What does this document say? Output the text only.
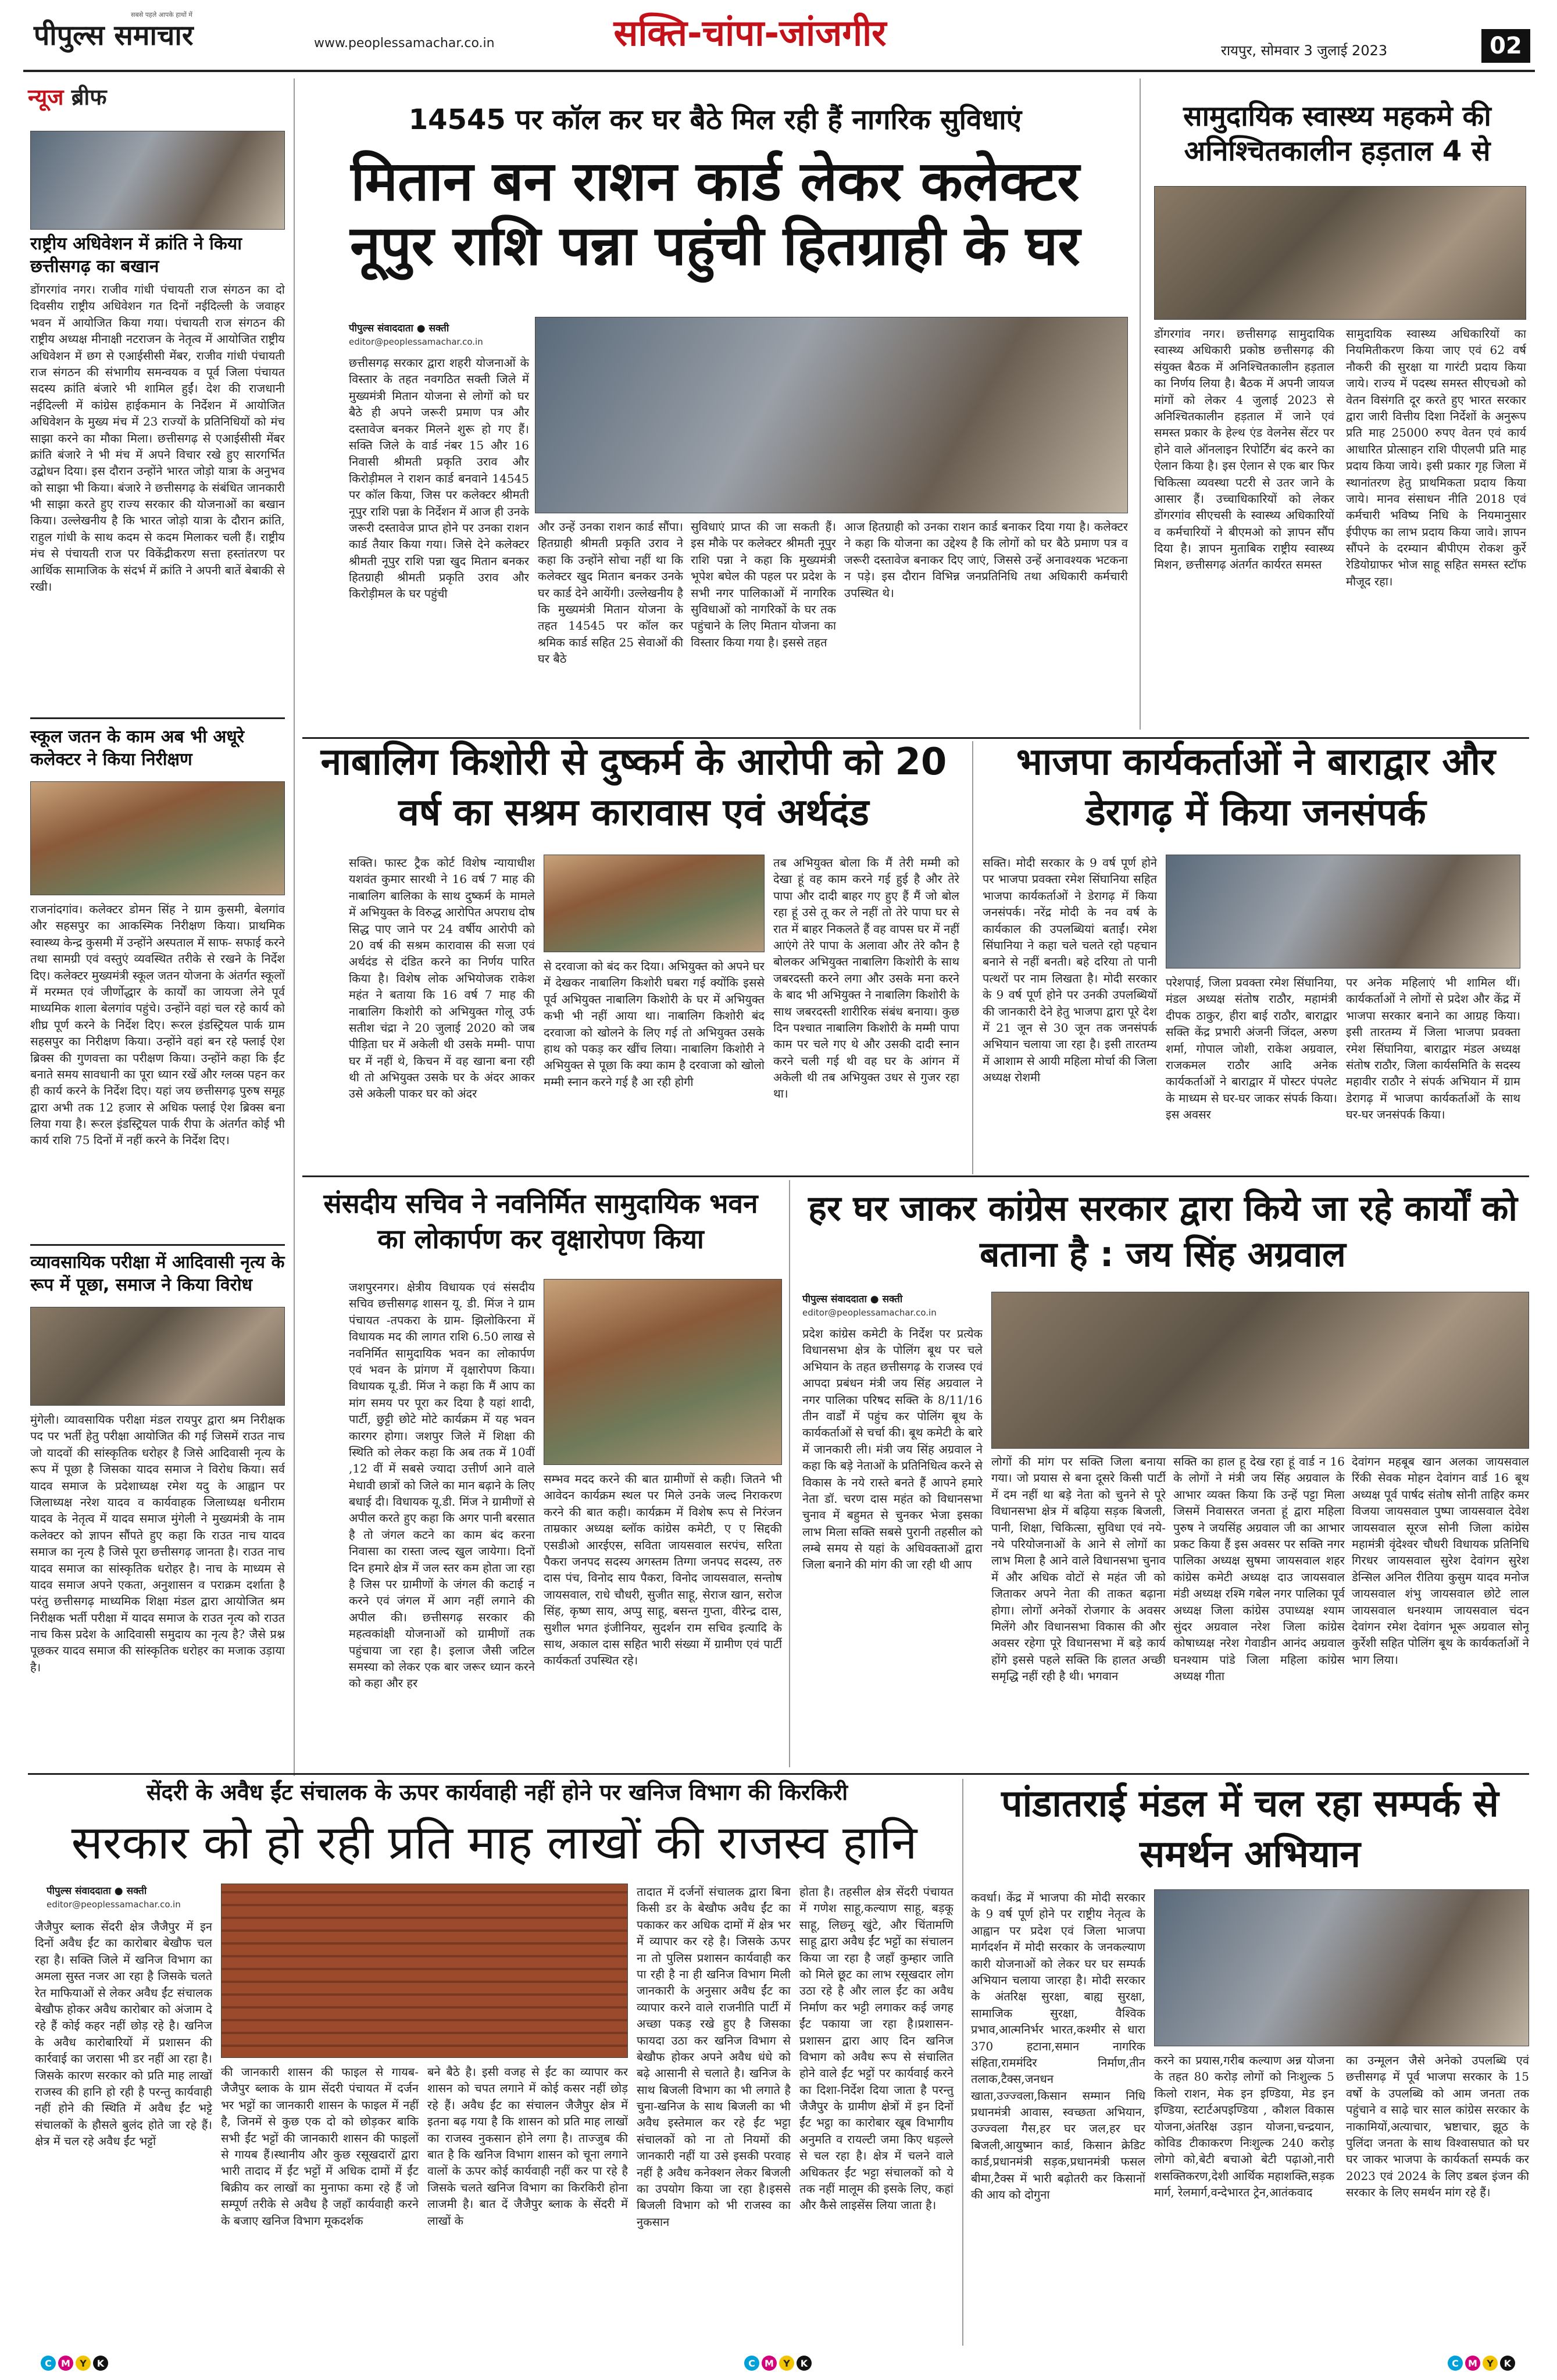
सबसे पहले आपके हाथों में
पीपुल्स समाचार	www.peoplessamachar.co.in	सक्ति-चांपा-जांजगीर	रायपुर, सोमवार 3 जुलाई 2023	02
न्यूज ब्रीफ
राष्ट्रीय अधिवेशन में क्रांति ने किया छत्तीसगढ़ का बखान
डोंगरगांव नगर। राजीव गांधी पंचायती राज संगठन का दो दिवसीय राष्ट्रीय अधिवेशन गत दिनों नईदिल्ली के जवाहर भवन में आयोजित किया गया। पंचायती राज संगठन की राष्ट्रीय अध्यक्ष मीनाक्षी नटराजन के नेतृत्व में आयोजित राष्ट्रीय अधिवेशन में छग से एआईसीसी मेंबर, राजीव गांधी पंचायती राज संगठन की संभागीय समन्वयक व पूर्व जिला पंचायत सदस्य क्रांति बंजारे भी शामिल हुईं। देश की राजधानी नईदिल्ली में कांग्रेस हाईकमान के निर्देशन में आयोजित अधिवेशन के मुख्य मंच में 23 राज्यों के प्रतिनिधियों को मंच साझा करने का मौका मिला। छत्तीसगढ़ से एआईसीसी मेंबर क्रांति बंजारे ने भी मंच में अपने विचार रखे हुए सारगर्भित उद्बोधन दिया। इस दौरान उन्होंने भारत जोड़ो यात्रा के अनुभव को साझा भी किया। बंजारे ने छत्तीसगढ़ के संबंधित जानकारी भी साझा करते हुए राज्य सरकार की योजनाओं का बखान किया। उल्लेखनीय है कि भारत जोड़ो यात्रा के दौरान क्रांति, राहुल गांधी के साथ कदम से कदम मिलाकर चली हैं। राष्ट्रीय मंच से पंचायती राज पर विकेंद्रीकरण सत्ता हस्तांतरण पर आर्थिक सामाजिक के संदर्भ में क्रांति ने अपनी बातें बेबाकी से रखी।
स्कूल जतन के काम अब भी अधूरे कलेक्टर ने किया निरीक्षण
राजनांदगांव। कलेक्टर डोमन सिंह ने ग्राम कुसमी, बेलगांव और सहसपुर का आकस्मिक निरीक्षण किया। प्राथमिक स्वास्थ्य केन्द्र कुसमी में उन्होंने अस्पताल में साफ- सफाई करने तथा सामग्री एवं वस्तुएं व्यवस्थित तरीके से रखने के निर्देश दिए। कलेक्टर मुख्यमंत्री स्कूल जतन योजना के अंतर्गत स्कूलों में मरम्मत एवं जीर्णोद्धार के कार्यों का जायजा लेने पूर्व माध्यमिक शाला बेलगांव पहुंचे। उन्होंने वहां चल रहे कार्य को शीघ्र पूर्ण करने के निर्देश दिए। रूरल इंडस्ट्रियल पार्क ग्राम सहसपुर का निरीक्षण किया। उन्होंने वहां बन रहे फ्लाई ऐश ब्रिक्स की गुणवत्ता का परीक्षण किया। उन्होंने कहा कि ईंट बनाते समय सावधानी का पूरा ध्यान रखें और ग्लव्स पहन कर ही कार्य करने के निर्देश दिए। यहां जय छत्तीसगढ़ पुरुष समूह द्वारा अभी तक 12 हजार से अधिक फ्लाई ऐश ब्रिक्स बना लिया गया है। रूरल इंडस्ट्रियल पार्क रीपा के अंतर्गत कोई भी कार्य राशि 75 दिनों में नहीं करने के निर्देश दिए।
व्यावसायिक परीक्षा में आदिवासी नृत्य के रूप में पूछा, समाज ने किया विरोध
मुंगेली। व्यावसायिक परीक्षा मंडल रायपुर द्वारा श्रम निरीक्षक पद पर भर्ती हेतु परीक्षा आयोजित की गई जिसमें राउत नाच जो यादवों की सांस्कृतिक धरोहर है जिसे आदिवासी नृत्य के रूप में पूछा है जिसका यादव समाज ने विरोध किया। सर्व यादव समाज के प्रदेशाध्यक्ष रमेश यदु के आह्वान पर जिलाध्यक्ष नरेश यादव व कार्यवाहक जिलाध्यक्ष धनीराम यादव के नेतृत्व में यादव समाज मुंगेली ने मुख्यमंत्री के नाम कलेक्टर को ज्ञापन सौंपते हुए कहा कि राउत नाच यादव समाज का नृत्य है जिसे पूरा छत्तीसगढ़ जानता है। राउत नाच यादव समाज का सांस्कृतिक धरोहर है। नाच के माध्यम से यादव समाज अपने एकता, अनुशासन व पराक्रम दर्शाता है परंतु छत्तीसगढ़ माध्यमिक शिक्षा मंडल द्वारा आयोजित श्रम निरीक्षक भर्ती परीक्षा में यादव समाज के राउत नृत्य को राउत नाच किस प्रदेश के आदिवासी समुदाय का नृत्य है? जैसे प्रश्न पूछकर यादव समाज की सांस्कृतिक धरोहर का मजाक उड़ाया है।
14545 पर कॉल कर घर बैठे मिल रही हैं नागरिक सुविधाएं
मितान बन राशन कार्ड लेकर कलेक्टर नूपुर राशि पन्ना पहुंची हितग्राही के घर
पीपुल्स संवाददाता ● सक्ती
editor@peoplessamachar.co.in
छत्तीसगढ़ सरकार द्वारा शहरी योजनाओं के विस्तार के तहत नवगठित सक्ती जिले में मुख्यमंत्री मितान योजना से लोगों को घर बैठे ही अपने जरूरी प्रमाण पत्र और दस्तावेज बनकर मिलने शुरू हो गए हैं। सक्ति जिले के वार्ड नंबर 15 और 16 निवासी श्रीमती प्रकृति उराव और किरोड़ीमल ने राशन कार्ड बनवाने 14545 पर कॉल किया, जिस पर कलेक्टर श्रीमती नूपुर राशि पन्ना के निर्देशन में आज ही उनके जरूरी दस्तावेज प्राप्त होने पर उनका राशन कार्ड तैयार किया गया। जिसे देने कलेक्टर श्रीमती नूपुर राशि पन्ना खुद मितान बनकर हितग्राही श्रीमती प्रकृति उराव और किरोड़ीमल के घर पहुंची
और उन्हें उनका राशन कार्ड सौंपा। हितग्राही श्रीमती प्रकृति उराव ने कहा कि उन्होंने सोचा नहीं था कि कलेक्टर खुद मितान बनकर उनके घर कार्ड देने आयेंगी। उल्लेखनीय है कि मुख्यमंत्री मितान योजना के तहत 14545 पर कॉल कर श्रमिक कार्ड सहित 25 सेवाओं की घर बैठे
सुविधाएं प्राप्त की जा सकती हैं। इस मौके पर कलेक्टर श्रीमती नूपुर राशि पन्ना ने कहा कि मुख्यमंत्री भूपेश बघेल की पहल पर प्रदेश के सभी नगर पालिकाओं में नागरिक सुविधाओं को नागरिकों के घर तक पहुंचाने के लिए मितान योजना का विस्तार किया गया है। इससे तहत
आज हितग्राही को उनका राशन कार्ड बनाकर दिया गया है। कलेक्टर ने कहा कि योजना का उद्देश्य है कि लोगों को घर बैठे प्रमाण पत्र व जरूरी दस्तावेज बनाकर दिए जाएं, जिससे उन्हें अनावश्यक भटकना न पड़े। इस दौरान विभिन्न जनप्रतिनिधि तथा अधिकारी कर्मचारी उपस्थित थे।
सामुदायिक स्वास्थ्य महकमे की अनिश्चितकालीन हड़ताल 4 से
डोंगरगांव नगर। छत्तीसगढ़ सामुदायिक स्वास्थ्य अधिकारी प्रकोष्ठ छत्तीसगढ़ की संयुक्त बैठक में अनिश्चितकालीन हड़ताल का निर्णय लिया है। बैठक में अपनी जायज मांगों को लेकर 4 जुलाई 2023 से अनिश्चितकालीन हड़ताल में जाने एवं समस्त प्रकार के हेल्थ एंड वेलनेस सेंटर पर होने वाले ऑनलाइन रिपोर्टिंग बंद करने का ऐलान किया है। इस ऐलान से एक बार फिर चिकित्सा व्यवस्था पटरी से उतर जाने के आसार हैं। उच्चाधिकारियों को लेकर डोंगरगांव सीएचसी के स्वास्थ्य अधिकारियों व कर्मचारियों ने बीएमओ को ज्ञापन सौंप दिया है। ज्ञापन मुताबिक राष्ट्रीय स्वास्थ्य मिशन, छत्तीसगढ़ अंतर्गत कार्यरत समस्त
सामुदायिक स्वास्थ्य अधिकारियों का नियमितीकरण किया जाए एवं 62 वर्ष नौकरी की सुरक्षा या गारंटी प्रदाय किया जाये। राज्य में पदस्थ समस्त सीएचओ को वेतन विसंगति दूर करते हुए भारत सरकार द्वारा जारी वित्तीय दिशा निर्देशों के अनुरूप प्रति माह 25000 रुपए वेतन एवं कार्य आधारित प्रोत्साहन राशि पीएलपी प्रति माह प्रदाय किया जाये। इसी प्रकार गृह जिला में स्थानांतरण हेतु प्राथमिकता प्रदाय किया जाये। मानव संसाधन नीति 2018 एवं कर्मचारी भविष्य निधि के नियमानुसार ईपीएफ का लाभ प्रदाय किया जावे। ज्ञापन सौंपने के दरम्यान बीपीएम रोकश कुर्रे रेडियोग्राफर भोज साहू सहित समस्त स्टॉफ मौजूद रहा।
नाबालिग किशोरी से दुष्कर्म के आरोपी को 20 वर्ष का सश्रम कारावास एवं अर्थदंड
सक्ति। फास्ट ट्रैक कोर्ट विशेष न्यायाधीश यशवंत कुमार सारथी ने 16 वर्ष 7 माह की नाबालिग बालिका के साथ दुष्कर्म के मामले में अभियुक्त के विरुद्ध आरोपित अपराध दोष सिद्ध पाए जाने पर 24 वर्षीय आरोपी को 20 वर्ष की सश्रम कारावास की सजा एवं अर्थदंड से दंडित करने का निर्णय पारित किया है। विशेष लोक अभियोजक राकेश महंत ने बताया कि 16 वर्ष 7 माह की नाबालिग किशोरी को अभियुक्त गोलू उर्फ सतीश चंद्रा ने 20 जुलाई 2020 को जब पीड़िता घर में अकेली थी उसके मम्मी- पापा घर में नहीं थे, किचन में वह खाना बना रही थी तो अभियुक्त उसके घर के अंदर आकर उसे अकेली पाकर घर को अंदर
से दरवाजा को बंद कर दिया। अभियुक्त को अपने घर में देखकर नाबालिग किशोरी घबरा गई क्योंकि इससे पूर्व अभियुक्त नाबालिग किशोरी के घर में अभियुक्त कभी भी नहीं आया था। नाबालिग किशोरी बंद दरवाजा को खोलने के लिए गई तो अभियुक्त उसके हाथ को पकड़ कर खींच लिया। नाबालिग किशोरी ने अभियुक्त से पूछा कि क्या काम है दरवाजा को खोलो मम्मी स्नान करने गई है आ रही होगी
तब अभियुक्त बोला कि मैं तेरी मम्मी को देखा हूं वह काम करने गई हुई है और तेरे पापा और दादी बाहर गए हुए हैं मैं जो बोल रहा हूं उसे तू कर ले नहीं तो तेरे पापा घर से रात में बाहर निकलते हैं वह वापस घर में नहीं आएंगे तेरे पापा के अलावा और तेरे कौन है बोलकर अभियुक्त नाबालिग किशोरी के साथ जबरदस्ती करने लगा और उसके मना करने के बाद भी अभियुक्त ने नाबालिग किशोरी के साथ जबरदस्ती शारीरिक संबंध बनाया। कुछ दिन पश्चात नाबालिग किशोरी के मम्मी पापा काम पर चले गए थे और उसकी दादी स्नान करने चली गई थी वह घर के आंगन में अकेली थी तब अभियुक्त उधर से गुजर रहा था।
भाजपा कार्यकर्ताओं ने बाराद्वार और डेरागढ़ में किया जनसंपर्क
सक्ति। मोदी सरकार के 9 वर्ष पूर्ण होने पर भाजपा प्रवक्ता रमेश सिंघानिया सहित भाजपा कार्यकर्ताओं ने डेरागढ़ में किया जनसंपर्क। नरेंद्र मोदी के नव वर्ष के कार्यकाल की उपलब्धियां बताईं। रमेश सिंघानिया ने कहा चले चलते रहो पहचान बनाने से नहीं बनती। बहे दरिया तो पानी पत्थरों पर नाम लिखता है। मोदी सरकार के 9 वर्ष पूर्ण होने पर उनकी उपलब्धियों की जानकारी देने हेतु भाजपा द्वारा पूरे देश में 21 जून से 30 जून तक जनसंपर्क अभियान चलाया जा रहा है। इसी तारतम्य में आशाम से आयी महिला मोर्चा की जिला अध्यक्ष रोशमी
परेशपाई, जिला प्रवक्ता रमेश सिंघानिया, मंडल अध्यक्ष संतोष राठौर, महामंत्री दीपक ठाकुर, हीरा बाई राठौर, बाराद्वार सक्ति केंद्र प्रभारी अंजनी जिंदल, अरुण शर्मा, गोपाल जोशी, राकेश अग्रवाल, राजकमल राठौर आदि अनेक कार्यकर्ताओं ने बाराद्वार में पोस्टर पंपलेट के माध्यम से घर-घर जाकर संपर्क किया। इस अवसर
पर अनेक महिलाएं भी शामिल थीं। कार्यकर्ताओं ने लोगों से प्रदेश और केंद्र में भाजपा सरकार बनाने का आग्रह किया। इसी तारतम्य में जिला भाजपा प्रवक्ता रमेश सिंघानिया, बाराद्वार मंडल अध्यक्ष संतोष राठौर, जिला कार्यसमिति के सदस्य महावीर राठौर ने संपर्क अभियान में ग्राम डेरागढ़ में भाजपा कार्यकर्ताओं के साथ घर-घर जनसंपर्क किया।
संसदीय सचिव ने नवनिर्मित सामुदायिक भवन का लोकार्पण कर वृक्षारोपण किया
जशपुरनगर। क्षेत्रीय विधायक एवं संसदीय सचिव छत्तीसगढ़ शासन यू. डी. मिंज ने ग्राम पंचायत -तपकरा के ग्राम- झिलोकिरना में विधायक मद की लागत राशि 6.50 लाख से नवनिर्मित सामुदायिक भवन का लोकार्पण एवं भवन के प्रांगण में वृक्षारोपण किया। विधायक यू.डी. मिंज ने कहा कि मैं आप का मांग समय पर पूरा कर दिया है यहां शादी, पार्टी, छुट्टी छोटे मोटे कार्यक्रम में यह भवन कारगर होगा। जशपुर जिले में शिक्षा की स्थिति को लेकर कहा कि अब तक में 10वीं ,12 वीं में सबसे ज्यादा उत्तीर्ण आने वाले मेधावी छात्रों को जिले का मान बढ़ाने के लिए बधाई दी। विधायक यू.डी. मिंज ने ग्रामीणों से अपील करते हुए कहा कि अगर पानी बरसात है तो जंगल कटने का काम बंद करना निवासा का रास्ता जल्द खुल जायेगा। दिनों दिन हमारे क्षेत्र में जल स्तर कम होता जा रहा है जिस पर ग्रामीणों के जंगल की कटाई न करने एवं जंगल में आग नहीं लगाने की अपील की। छत्तीसगढ़ सरकार की महत्वकांक्षी योजनाओं को ग्रामीणों तक पहुंचाया जा रहा है। इलाज जैसी जटिल समस्या को लेकर एक बार जरूर ध्यान करने को कहा और हर
सम्भव मदद करने की बात ग्रामीणों से कही। जितने भी आवेदन कार्यक्रम स्थल पर मिले उनके जल्द निराकरण करने की बात कही। कार्यक्रम में विशेष रूप से निरंजन ताम्रकार अध्यक्ष ब्लॉक कांग्रेस कमेटी, ए ए सिद्दकी एसडीओ आरईएस, सविता जायसवाल सरपंच, सरिता पैकरा जनपद सदस्य अगस्तम तिग्गा जनपद सदस्य, तरु दास पंच, विनोद साय पैकरा, विनोद जायसवाल, सन्तोष जायसवाल, राधे चौधरी, सुजीत साहू, सेराज खान, सरोज सिंह, कृष्ण साय, अप्पु साहू, बसन्त गुप्ता, वीरेन्द्र दास, सुशील भगत इंजीनियर, सुदर्शन राम सचिव इत्यादि के साथ, अकाल दास सहित भारी संख्या में ग्रामीण एवं पार्टी कार्यकर्ता उपस्थित रहे।
हर घर जाकर कांग्रेस सरकार द्वारा किये जा रहे कार्यों को बताना है : जय सिंह अग्रवाल
पीपुल्स संवाददाता ● सक्ती
editor@peoplessamachar.co.in
प्रदेश कांग्रेस कमेटी के निर्देश पर प्रत्येक विधानसभा क्षेत्र के पोलिंग बूथ पर चले अभियान के तहत छत्तीसगढ़ के राजस्व एवं आपदा प्रबंधन मंत्री जय सिंह अग्रवाल ने नगर पालिका परिषद सक्ति के 8/11/16 तीन वार्डों में पहुंच कर पोलिंग बूथ के कार्यकर्ताओं से चर्चा की। बूथ कमेटी के बारे में जानकारी ली। मंत्री जय सिंह अग्रवाल ने कहा कि बड़े नेताओं के प्रतिनिधित्व करने से विकास के नये रास्ते बनते हैं आपने हमारे नेता डॉ. चरण दास महंत को विधानसभा चुनाव में बहुमत से चुनकर भेजा इसका लाभ मिला सक्ति सबसे पुरानी तहसील को लम्बे समय से यहां के अधिवक्ताओं द्वारा जिला बनाने की मांग की जा रही थी आप
लोगों की मांग पर सक्ति जिला बनाया गया। जो प्रयास से बना दूसरे किसी पार्टी में दम नहीं था बड़े नेता को चुनने से पूरे विधानसभा क्षेत्र में बढ़िया सड़क बिजली, पानी, शिक्षा, चिकित्सा, सुविधा एवं नये- नये परियोजनाओं के आने से लोगों का लाभ मिला है आने वाले विधानसभा चुनाव में और अधिक वोटों से महंत जी को जिताकर अपने नेता की ताकत बढ़ाना होगा। लोगों अनेकों रोजगार के अवसर मिलेंगे और विधानसभा विकास की और अवसर रहेगा पूरे विधानसभा में बड़े कार्य होंगे इससे पहले सक्ति कि हालत अच्छी समृद्धि नहीं रही है थी। भगवान
सक्ति का हाल हू देख रहा हूं वार्ड न 16 के लोगों ने मंत्री जय सिंह अग्रवाल के आभार व्यक्त किया कि उन्हें पट्टा मिला जिसमें निवासरत जनता हूं द्वारा महिला पुरुष ने जयसिंह अग्रवाल जी का आभार प्रकट किया हैं इस अवसर पर सक्ति नगर पालिका अध्यक्ष सुषमा जायसवाल शहर कांग्रेस कमेटी अध्यक्ष दाउ जायसवाल मंडी अध्यक्ष रश्मि गबेल नगर पालिका पूर्व अध्यक्ष जिला कांग्रेस उपाध्यक्ष श्याम सुंदर अग्रवाल नरेश जिला कांग्रेस कोषाध्यक्ष नरेश गेवाडीन आनंद अग्रवाल घनश्याम पांडे जिला महिला कांग्रेस अध्यक्ष गीता
देवांगन महबूब खान अलका जायसवाल रिंकी सेवक मोहन देवांगन वार्ड 16 बूथ अध्यक्ष पूर्व पार्षद संतोष सोनी ताहिर कमर विजया जायसवाल पुष्पा जायसवाल देवेश जायसवाल सूरज सोनी जिला कांग्रेस महामंत्री वृंदेश्वर चौधरी विधायक प्रतिनिधि गिरधर जायसवाल सुरेश देवांगन सुरेश डेन्सिल अनिल रीतिया कुसुम यादव मनोज जायसवाल शंभु जायसवाल छोटे लाल जायसवाल धनश्याम जायसवाल चंदन देवांगन रमेश देवांगन भूरू अग्रवाल सोनू कुर्रेशी सहित पोलिंग बूथ के कार्यकर्ताओं ने भाग लिया।
सेंदरी के अवैध ईंट संचालक के ऊपर कार्यवाही नहीं होने पर खनिज विभाग की किरकिरी
सरकार को हो रही प्रति माह लाखों की राजस्व हानि
पीपुल्स संवाददाता ● सक्ती
editor@peoplessamachar.co.in
जैजैपुर ब्लाक सेंदरी क्षेत्र जैजैपुर में इन दिनों अवैध ईंट का कारोबार बेखौफ चल रहा है। सक्ति जिले में खनिज विभाग का अमला सुस्त नजर आ रहा है जिसके चलते रेत माफियाओं से लेकर अवैध ईंट संचालक बेखौफ होकर अवैध कारोबार को अंजाम दे रहे हैं कोई कहर नहीं छोड़ रहे है। खनिज के अवैध कारोबारियों में प्रशासन की कार्रवाई का जरासा भी डर नहीं आ रहा है। जिसके कारण सरकार को प्रति माह लाखों राजस्व की हानि हो रही है परन्तु कार्यवाही नहीं होने की स्थिति में अवैध ईंट भट्टे संचालकों के हौसले बुलंद होते जा रहे हैं। क्षेत्र में चल रहे अवैध ईंट भट्टों
की जानकारी शासन की फाइल से गायब-जैजैपुर ब्लाक के ग्राम सेंदरी पंचायत में दर्जन भर भट्टों का जानकारी शासन के फाइल में नहीं है, जिनमें से कुछ एक दो को छोड़कर बाकि सभी ईंट भट्टों की जानकारी शासन की फाइलों से गायब हैं।स्थानीय और कुछ रसूखदारों द्वारा भारी तादाद में ईंट भट्टों में अधिक दामों में ईंट बिक्रीय कर लाखों का मुनाफा कमा रहे हैं जो सम्पूर्ण तरीके से अवैध है जहाँ कार्यवाही करने के बजाए खनिज विभाग मूकदर्शक
बने बैठे है। इसी वजह से ईंट का व्यापार कर शासन को चपत लगाने में कोई कसर नहीं छोड़ रहे हैं। अवैध ईंट का संचालन जैजैपुर क्षेत्र में इतना बढ़ गया है कि शासन को प्रति माह लाखों का राजस्व नुकसान होने लगा है। ताज्जुब की बात है कि खनिज विभाग शासन को चूना लगाने वालों के ऊपर कोई कार्यवाही नहीं कर पा रहे है जिसके चलते खनिज विभाग का किरकिरी होना लाजमी है। बात दें जैजैपुर ब्लाक के सेंदरी में लाखों के
तादात में दर्जनों संचालक द्वारा बिना किसी डर के बेखौफ अवैध ईंट का पकाकर कर अधिक दामों में क्षेत्र भर में व्यापार कर रहे है। जिसके ऊपर ना तो पुलिस प्रशासन कार्यवाही कर पा रही है ना ही खनिज विभाग मिली जानकारी के अनुसार अवैध ईंट का व्यापार करने वाले राजनीति पार्टी में अच्छा पकड़ रखे हुए है जिसका फायदा उठा कर खनिज विभाग से बेखौफ होकर अपने अवैध धंधे को बढ़े आसानी से चलाते है। खनिज के साथ बिजली विभाग का भी लगाते है चुना-खनिज के साथ बिजली का भी अवैध इस्तेमाल कर रहे ईंट भट्टा संचालकों को ना तो नियमों की जानकारी नहीं या उसे इसकी परवाह नहीं है अवैध कनेक्शन लेकर बिजली का उपयोग किया जा रहा है।इससे बिजली विभाग को भी राजस्व का नुकसान
होता है। तहसील क्षेत्र सेंदरी पंचायत में गणेश साहू,कल्याण साहू, बड़कू साहू, लिछ्नू खुंटे, और चिंतामणि साहू द्वारा अवैध ईंट भट्टों का संचालन किया जा रहा है जहाँ कुम्हार जाति को मिले छूट का लाभ रसूखदार लोग उठा रहे है और लाल ईंट का अवैध निर्माण कर भट्टी लगाकर कई जगह ईंट पकाया जा रहा है।प्रशासन-प्रशासन द्वारा आए दिन खनिज विभाग को अवैध रूप से संचालित होने वाले ईंट भट्टों पर कार्यवाई करने का दिशा-निर्देश दिया जाता है परन्तु जैजैपुर के ग्रामीण क्षेत्रों में इन दिनों ईंट भट्ठा का कारोबार खूब विभागीय अनुमति व रायल्टी जमा किए धड़ल्ले से चल रहा है। क्षेत्र में चलने वाले अधिकतर ईंट भट्टा संचालकों को ये तक नहीं मालूम की इसके लिए, कहां और कैसे लाइसेंस लिया जाता है।
पांडातराई मंडल में चल रहा सम्पर्क से समर्थन अभियान
कवर्धा। केंद्र में भाजपा की मोदी सरकार के 9 वर्ष पूर्ण होने पर राष्ट्रीय नेतृत्व के आह्वान पर प्रदेश एवं जिला भाजपा मार्गदर्शन में मोदी सरकार के जनकल्याण कारी योजनाओं को लेकर घर घर सम्पर्क अभियान चलाया जारहा है। मोदी सरकार के अंतरिक्ष सुरक्षा, बाह्य सुरक्षा, सामाजिक सुरक्षा, वैश्विक प्रभाव,आत्मनिर्भर भारत,कश्मीर से धारा 370 हटाना,समान नागरिक संहिता,राममंदिर निर्माण,तीन तलाक,टैक्स,जनधन खाता,उज्ज्वला,किसान सम्मान निधि प्रधानमंत्री आवास, स्वच्छता अभियान, उज्ज्वला गैस,हर घर जल,हर घर बिजली,आयुष्मान कार्ड, किसान क्रेडिट कार्ड,प्रधानमंत्री सड़क,प्रधानमंत्री फसल बीमा,टैक्स में भारी बढ़ोतरी कर किसानों की आय को दोगुना
करने का प्रयास,गरीब कल्याण अन्न योजना के तहत 80 करोड़ लोगों को निःशुल्क 5 किलो राशन, मेक इन इण्डिया, मेड इन इण्डिया, स्टार्टअपइण्डिया , कौशल विकास योजना,अंतरिक्ष उड़ान योजना,चन्द्रयान, कोविड टीकाकरण निःशुल्क 240 करोड़ लोगो को,बेटी बचाओ बेटी पढ़ाओ,नारी शसक्तिकरण,देशी आर्थिक महाशक्ति,सड़क मार्ग, रेलमार्ग,वन्देभारत ट्रेन,आतंकवाद
का उन्मूलन जैसे अनेको उपलब्धि एवं छत्तीसगढ़ में पूर्व भाजपा सरकार के 15 वर्षो के उपलब्धि को आम जनता तक पहुंचाने व साढ़े चार साल कांग्रेस सरकार के नाकामियों,अत्याचार, भ्रष्टाचार, झूठ के पुलिंदा जनता के साथ विश्वासघात को घर घर जाकर भाजपा के कार्यकर्ता सम्पर्क कर 2023 एवं 2024 के लिए डबल इंजन की सरकार के लिए समर्थन मांग रहे हैं।
C	M	Y	K	C	M	Y	K	C	M	Y	K
